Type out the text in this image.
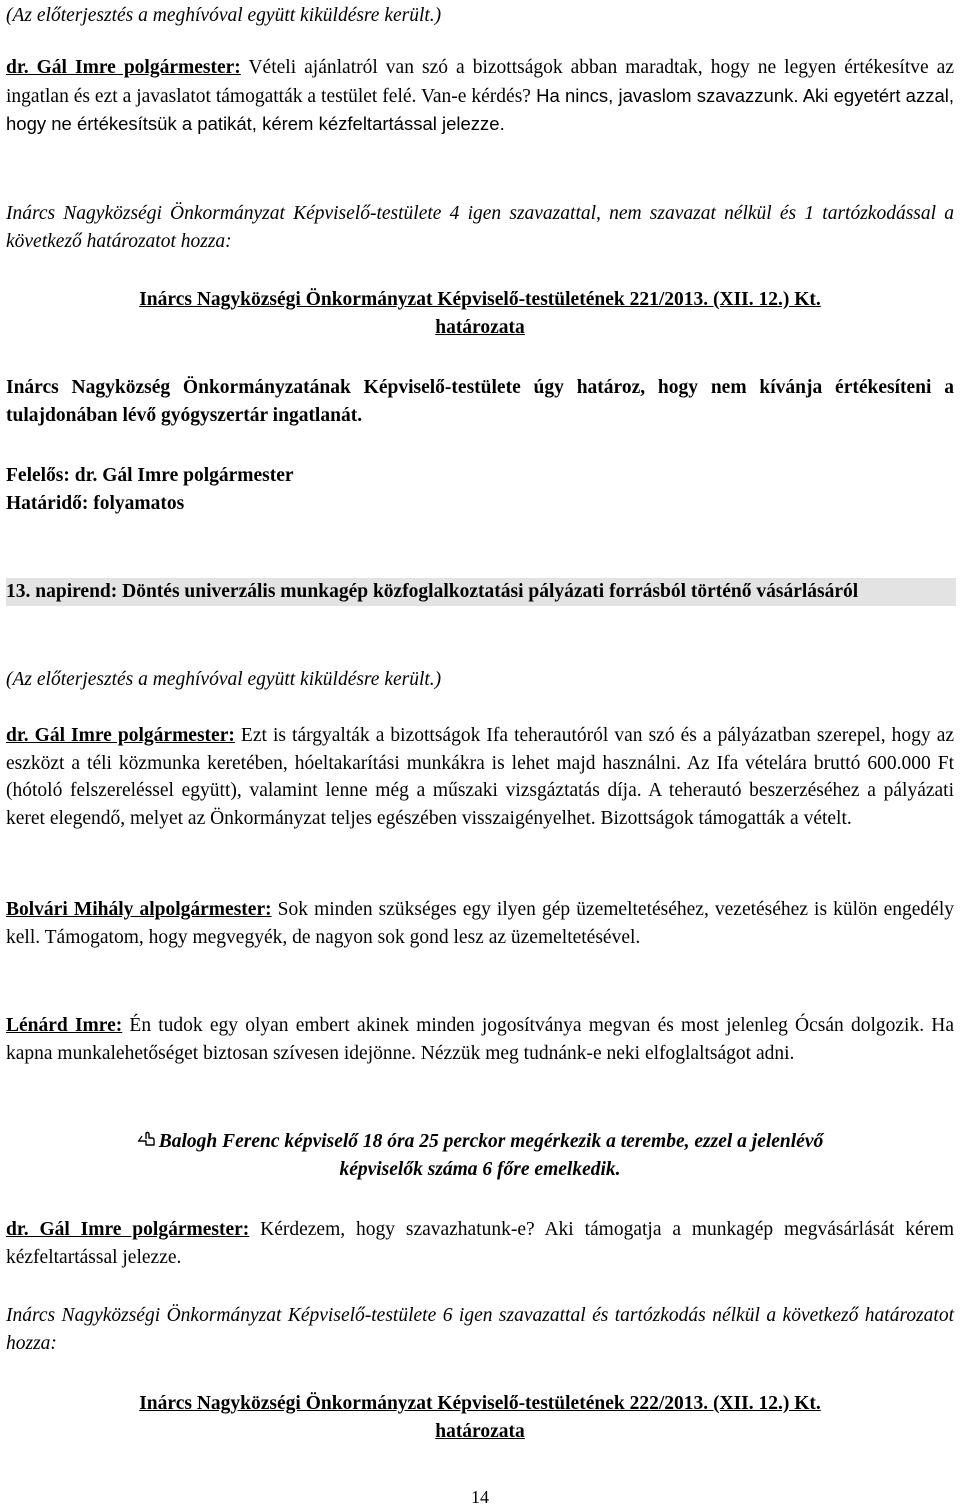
(Az előterjesztés a meghívóval együtt kiküldésre került.)

dr. Gál Imre polgármester: Vételi ajánlatról van szó a bizottságok abban maradtak, hogy ne legyen értékesítve az ingatlan és ezt a javaslatot támogatták a testület felé. Van-e kérdés? Ha nincs, javaslom szavazzunk. Aki egyetért azzal, hogy ne értékesítsük a patikát, kérem kézfeltartással jelezze.

Inárcs Nagyközségi Önkormányzat Képviselő-testülete 4 igen szavazattal, nem szavazat nélkül és 1 tartózkodással a következő határozatot hozza:

Inárcs Nagyközségi Önkormányzat Képviselő-testületének 221/2013. (XII. 12.) Kt.

határozata

Inárcs Nagyközség Önkormányzatának Képviselő-testülete úgy határoz, hogy nem kívánja értékesíteni a tulajdonában lévő gyógyszertár ingatlanát.

Felelős: dr. Gál Imre polgármester

Határidő: folyamatos

13. napirend: Döntés univerzális munkagép közfoglalkoztatási pályázati forrásból történő vásárlásáról

(Az előterjesztés a meghívóval együtt kiküldésre került.)

dr. Gál Imre polgármester: Ezt is tárgyalták a bizottságok Ifa teherautóról van szó és a pályázatban szerepel, hogy az eszközt a téli közmunka keretében, hóeltakarítási munkákra is lehet majd használni. Az Ifa vételára bruttó 600.000 Ft (hótoló felszereléssel együtt), valamint lenne még a műszaki vizsgáztatás díja. A teherautó beszerzéséhez a pályázati keret elegendő, melyet az Önkormányzat teljes egészében visszaigényelhet. Bizottságok támogatták a vételt.

Bolvári Mihály alpolgármester: Sok minden szükséges egy ilyen gép üzemeltetéséhez, vezetéséhez is külön engedély kell. Támogatom, hogy megvegyék, de nagyon sok gond lesz az üzemeltetésével.

Lénárd Imre: Én tudok egy olyan embert akinek minden jogosítványa megvan és most jelenleg Ócsán dolgozik. Ha kapna munkalehetőséget biztosan szívesen idejönne. Nézzük meg tudnánk-e neki elfoglaltságot adni.

Balogh Ferenc képviselő 18 óra 25 perckor megérkezik a terembe, ezzel a jelenlévő

képviselők száma 6 főre emelkedik.

dr. Gál Imre polgármester: Kérdezem, hogy szavazhatunk-e? Aki támogatja a munkagép megvásárlását kérem kézfeltartással jelezze.

Inárcs Nagyközségi Önkormányzat Képviselő-testülete 6 igen szavazattal és tartózkodás nélkül a következő határozatot hozza:

Inárcs Nagyközségi Önkormányzat Képviselő-testületének 222/2013. (XII. 12.) Kt.

határozata

14
